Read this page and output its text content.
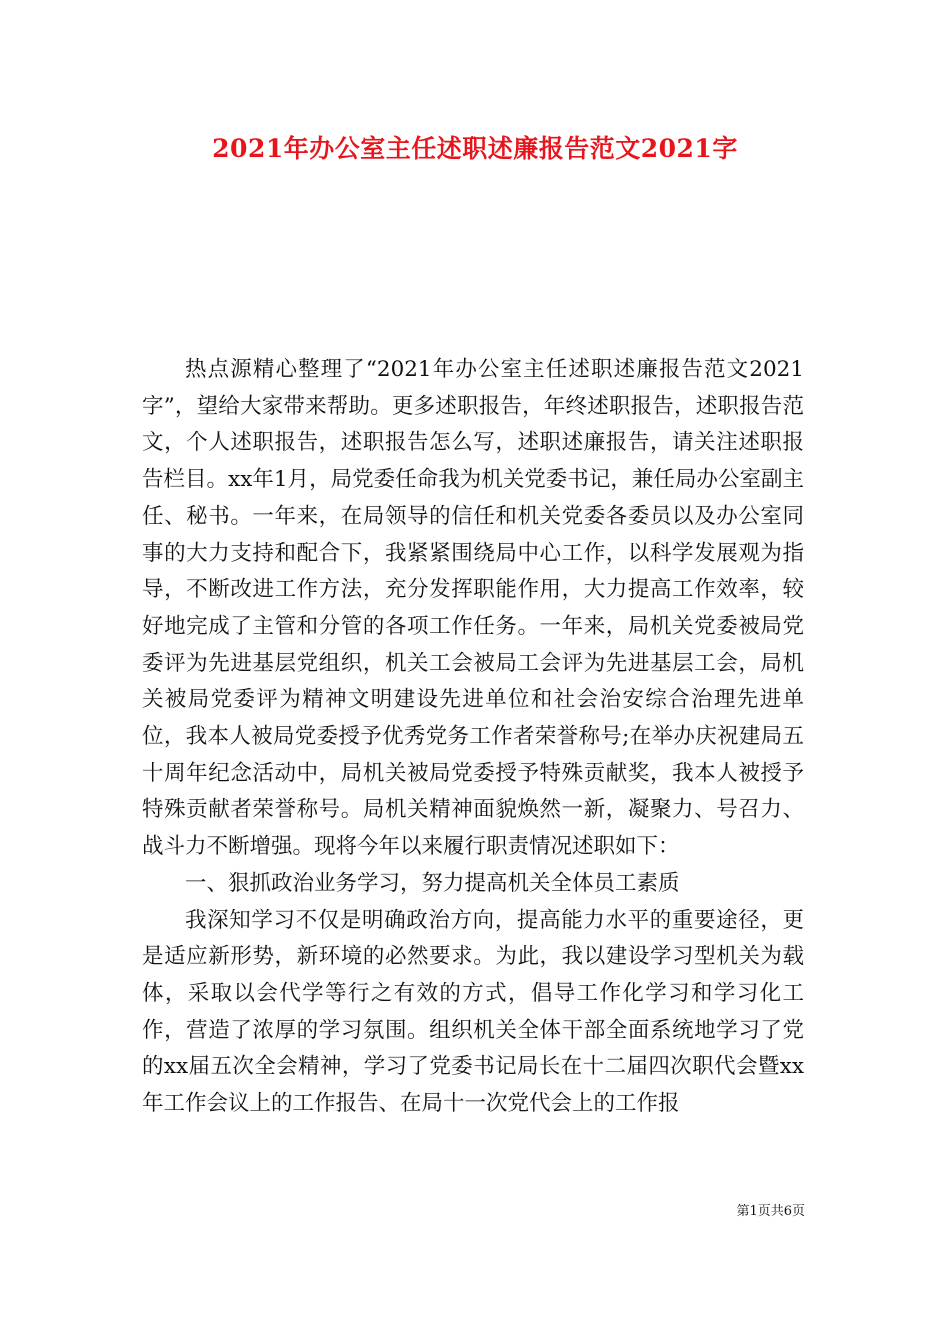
2021年办公室主任述职述廉报告范文2021字

热点源精心整理了“2021年办公室主任述职述廉报告范文2021字”，望给大家带来帮助。更多述职报告，年终述职报告，述职报告范文，个人述职报告，述职报告怎么写，述职述廉报告，请关注述职报告栏目。xx年1月，局党委任命我为机关党委书记，兼任局办公室副主任、秘书。一年来，在局领导的信任和机关党委各委员以及办公室同事的大力支持和配合下，我紧紧围绕局中心工作，以科学发展观为指导，不断改进工作方法，充分发挥职能作用，大力提高工作效率，较好地完成了主管和分管的各项工作任务。一年来，局机关党委被局党委评为先进基层党组织，机关工会被局工会评为先进基层工会，局机关被局党委评为精神文明建设先进单位和社会治安综合治理先进单位，我本人被局党委授予优秀党务工作者荣誉称号;在举办庆祝建局五十周年纪念活动中，局机关被局党委授予特殊贡献奖，我本人被授予特殊贡献者荣誉称号。局机关精神面貌焕然一新，凝聚力、号召力、战斗力不断增强。现将今年以来履行职责情况述职如下：

一、狠抓政治业务学习，努力提高机关全体员工素质

我深知学习不仅是明确政治方向，提高能力水平的重要途径，更是适应新形势，新环境的必然要求。为此，我以建设学习型机关为载体，采取以会代学等行之有效的方式，倡导工作化学习和学习化工作，营造了浓厚的学习氛围。组织机关全体干部全面系统地学习了党的xx届五次全会精神，学习了党委书记局长在十二届四次职代会暨xx年工作会议上的工作报告、在局十一次党代会上的工作报

第1页共6页
